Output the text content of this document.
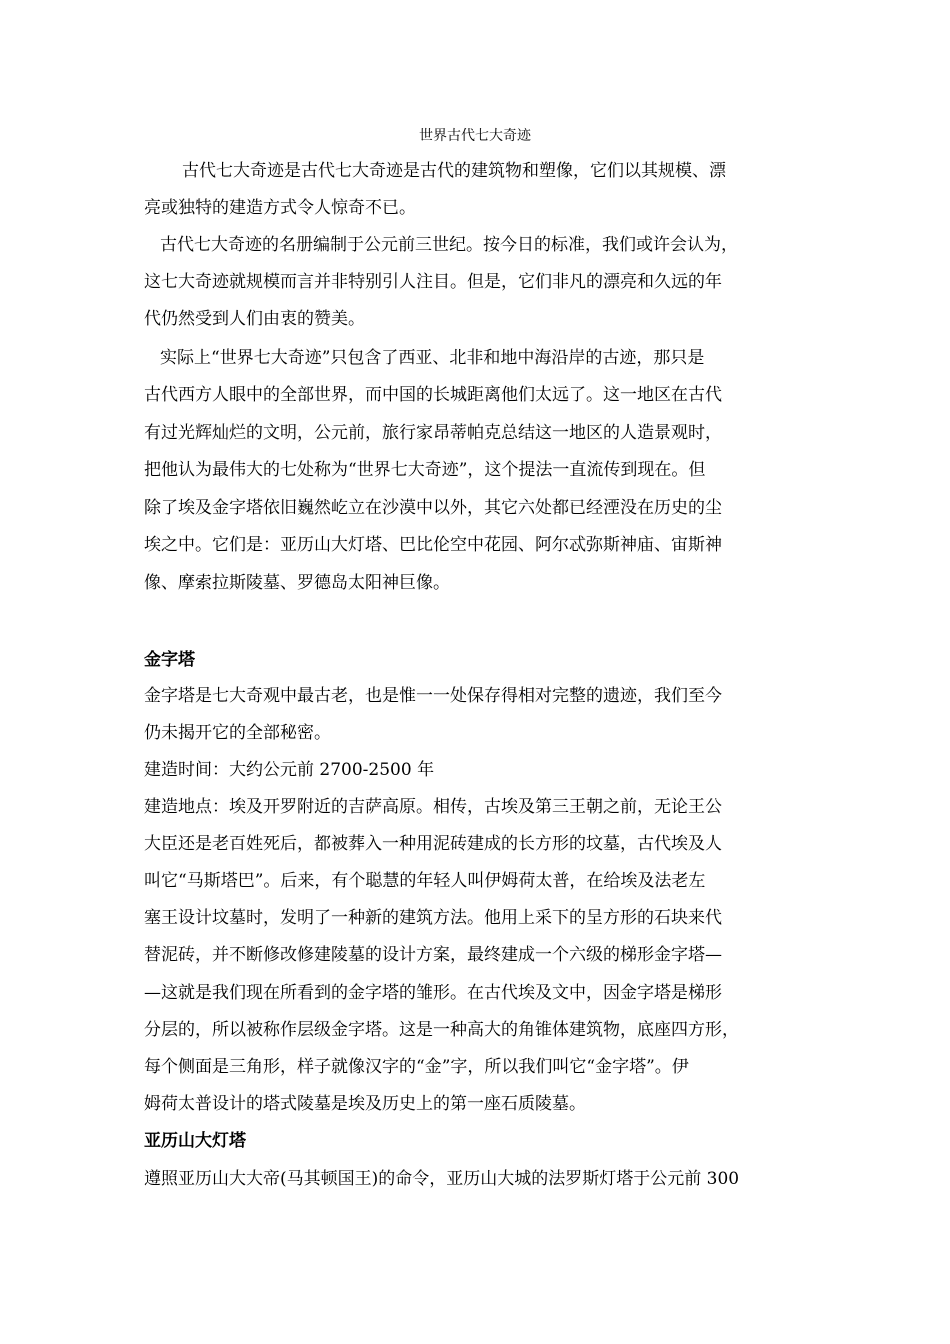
世界古代七大奇迹
古代七大奇迹是古代七大奇迹是古代的建筑物和塑像，它们以其规模、漂
亮或独特的建造方式令人惊奇不已。
古代七大奇迹的名册编制于公元前三世纪。按今日的标准，我们或许会认为，
这七大奇迹就规模而言并非特别引人注目。但是，它们非凡的漂亮和久远的年
代仍然受到人们由衷的赞美。
实际上“世界七大奇迹”只包含了西亚、北非和地中海沿岸的古迹，那只是
古代西方人眼中的全部世界，而中国的长城距离他们太远了。这一地区在古代
有过光辉灿烂的文明，公元前，旅行家昂蒂帕克总结这一地区的人造景观时，
把他认为最伟大的七处称为“世界七大奇迹”，这个提法一直流传到现在。但
除了埃及金字塔依旧巍然屹立在沙漠中以外，其它六处都已经湮没在历史的尘
埃之中。它们是：亚历山大灯塔、巴比伦空中花园、阿尔忒弥斯神庙、宙斯神
像、摩索拉斯陵墓、罗德岛太阳神巨像。
金字塔
金字塔是七大奇观中最古老，也是惟一一处保存得相对完整的遗迹，我们至今
仍未揭开它的全部秘密。
建造时间：大约公元前 2700-2500 年
建造地点：埃及开罗附近的吉萨高原。相传，古埃及第三王朝之前，无论王公
大臣还是老百姓死后，都被葬入一种用泥砖建成的长方形的坟墓，古代埃及人
叫它“马斯塔巴”。后来，有个聪慧的年轻人叫伊姆荷太普，在给埃及法老左
塞王设计坟墓时，发明了一种新的建筑方法。他用上采下的呈方形的石块来代
替泥砖，并不断修改修建陵墓的设计方案，最终建成一个六级的梯形金字塔—
—这就是我们现在所看到的金字塔的雏形。在古代埃及文中，因金字塔是梯形
分层的，所以被称作层级金字塔。这是一种高大的角锥体建筑物，底座四方形，
每个侧面是三角形，样子就像汉字的“金”字，所以我们叫它“金字塔”。伊
姆荷太普设计的塔式陵墓是埃及历史上的第一座石质陵墓。
亚历山大灯塔
遵照亚历山大大帝(马其顿国王)的命令，亚历山大城的法罗斯灯塔于公元前 300
